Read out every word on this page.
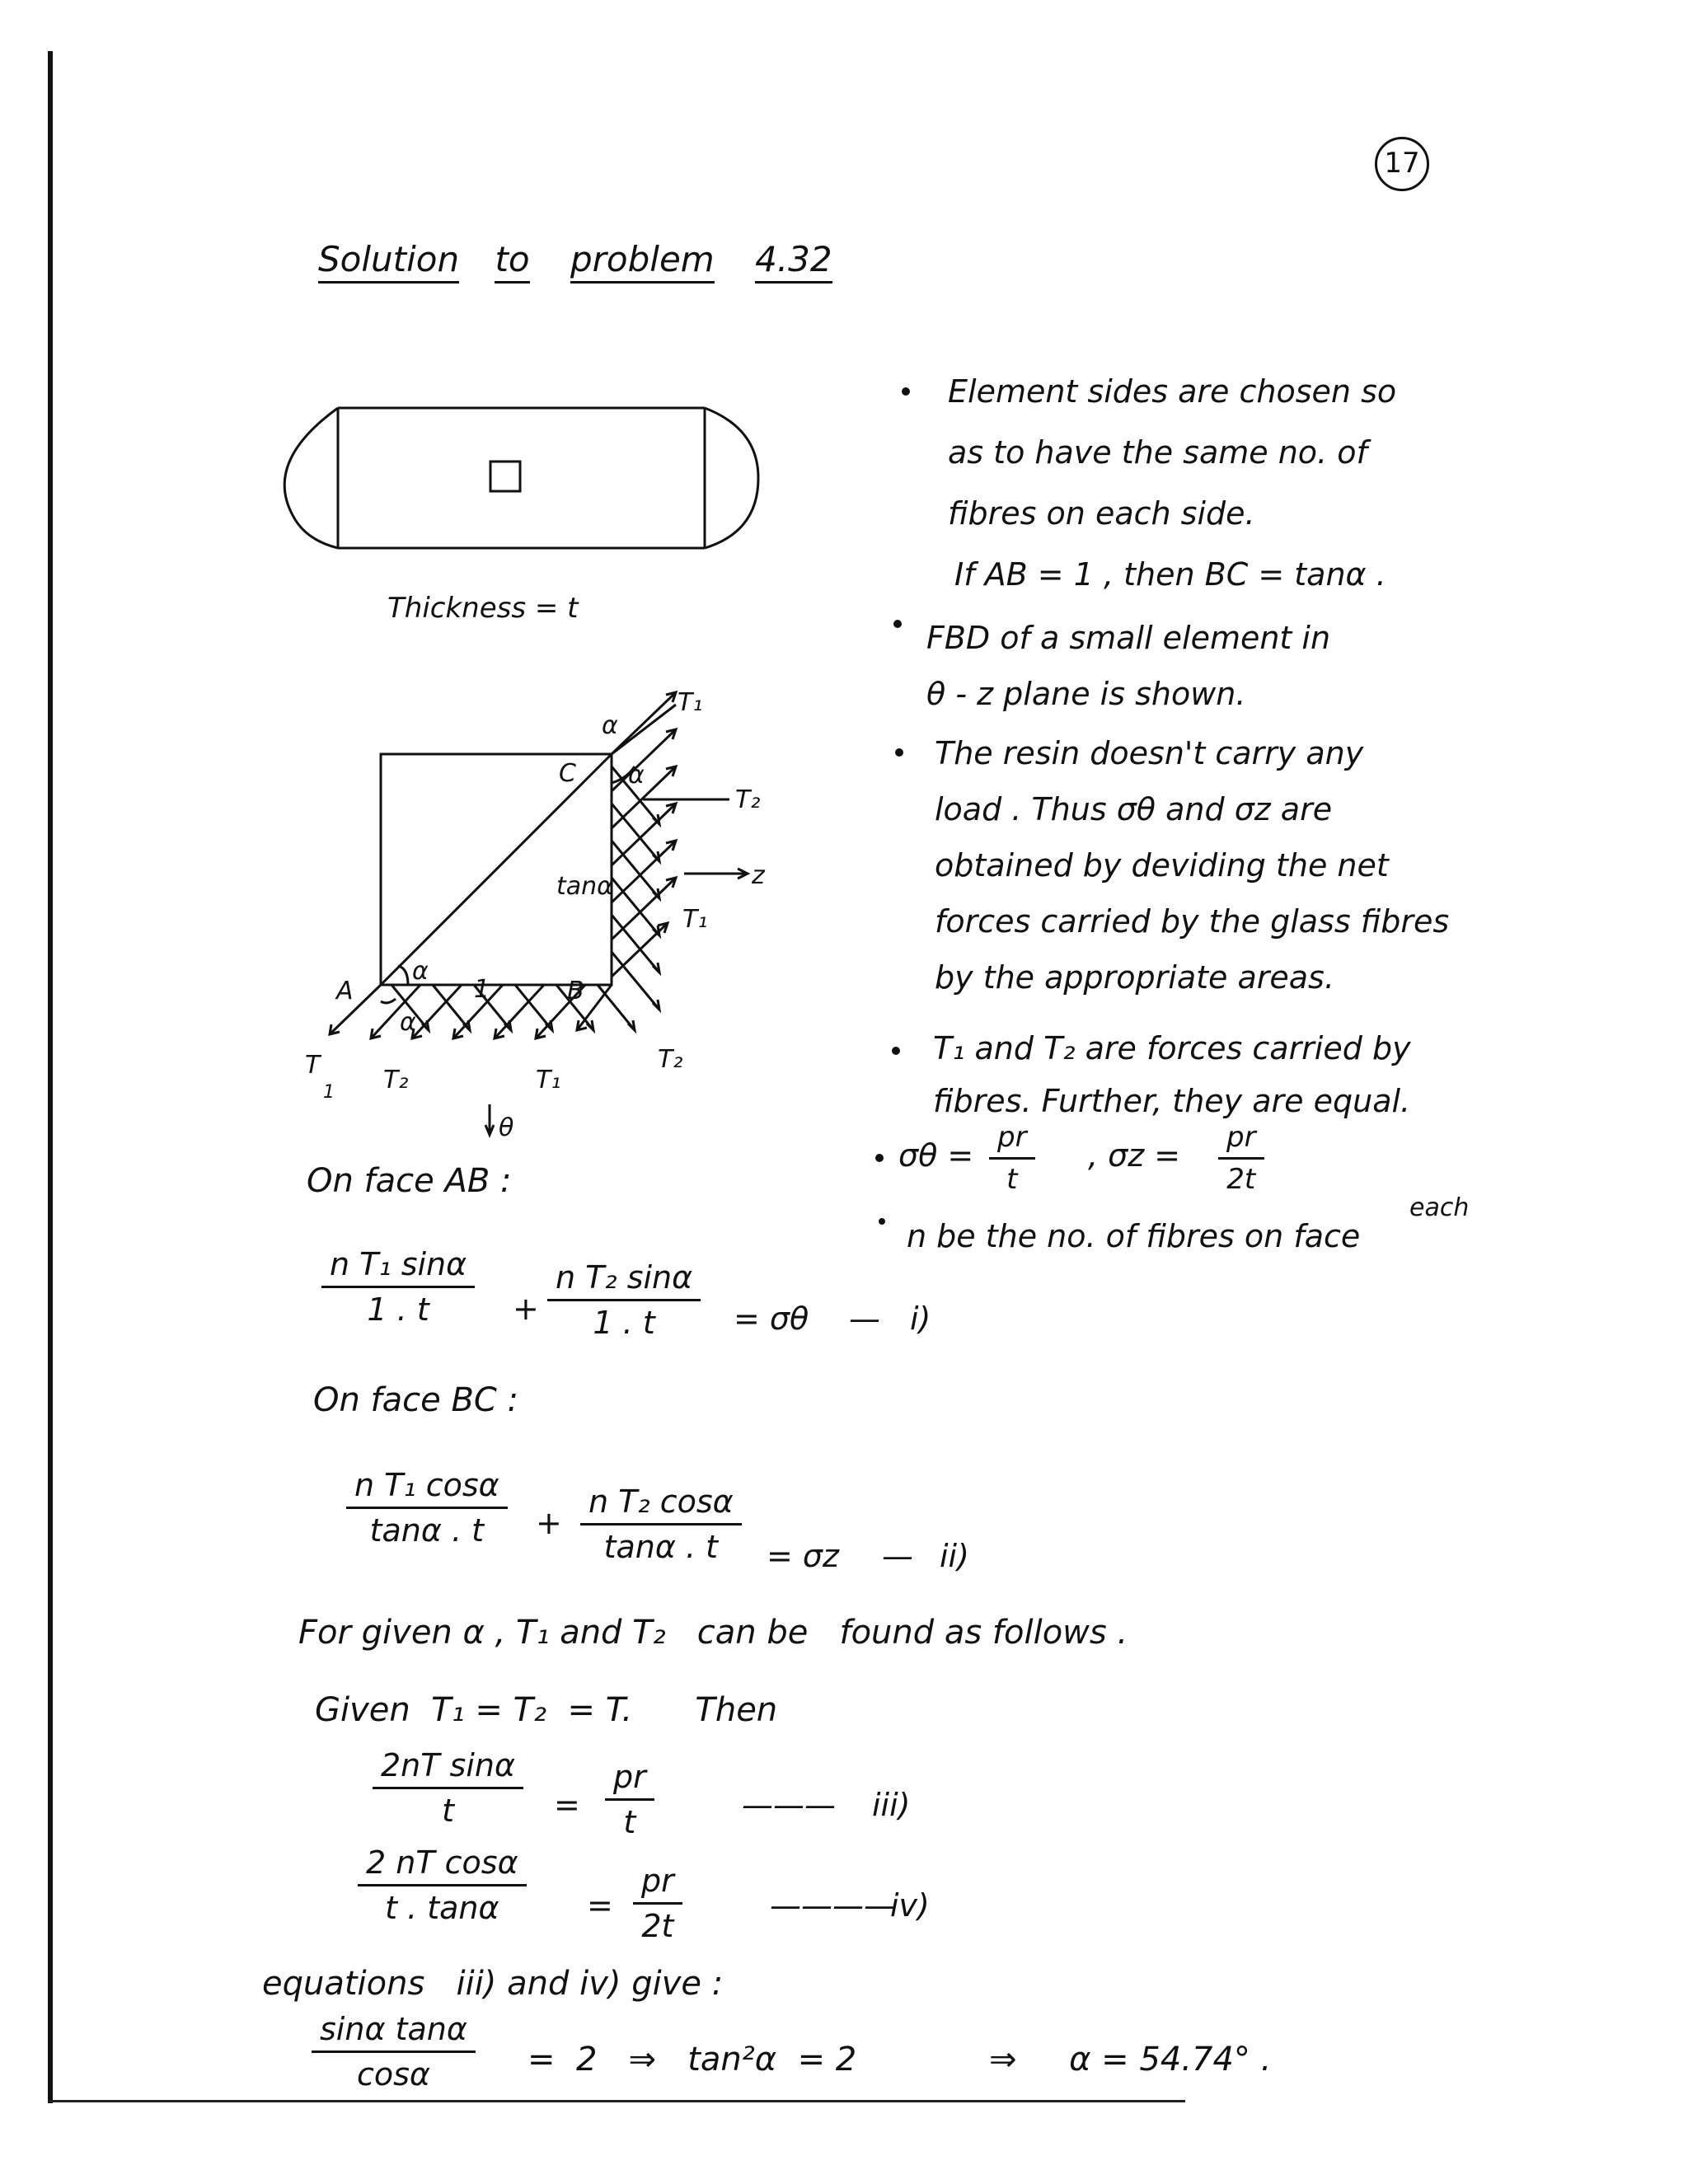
17
Solution to problem 4.32
C
A	B
1
tanα
α
α
α
α
T₁
T₂
z
T₁
T₂
T
1 T₂	T₁
θ
Thickness = t
Element sides are chosen so
as to have the same no. of
fibres on each side.
If AB = 1 , then BC = tanα .
FBD of a small element in
θ - z plane is shown.
The resin doesn't carry any
load . Thus σθ and σz are
obtained by deviding the net
forces carried by the glass fibres
by the appropriate areas.
T₁ and T₂ are forces carried by
fibres. Further, they are equal.
$\sigma\theta = \frac{pr}{t}$ , $\sigma z = \frac{pr}{2t}$
each
n be the no. of fibres on face
On face AB :
$\frac{\text{n T₁ sinα}}{1 . t} + \frac{\text{n T₂ sinα}}{1 . t} = \sigma\theta$ — i)
On face BC :
$\frac{\text{n T₁ cosα}}{\tan\alpha . t} + \frac{\text{n T₂ cosα}}{\tan\alpha . t} = \sigma z$ — ii)
For given α , T₁ and T₂   can be   found as follows .
Given  T₁ = T₂  = T.      Then
$\frac{\text{2nT sinα}}{t} = \frac{pr}{t}$	——— iii)
$\frac{\text{2 nT cosα}}{t . \tan\alpha} = \frac{pr}{2t}$	————
iv)
equations   iii) and iv) give :
$\frac{\text{sinα tanα}}{\cos\alpha} = 2$   ⇒   tan²α  = 2	⇒     α = 54.74° .
